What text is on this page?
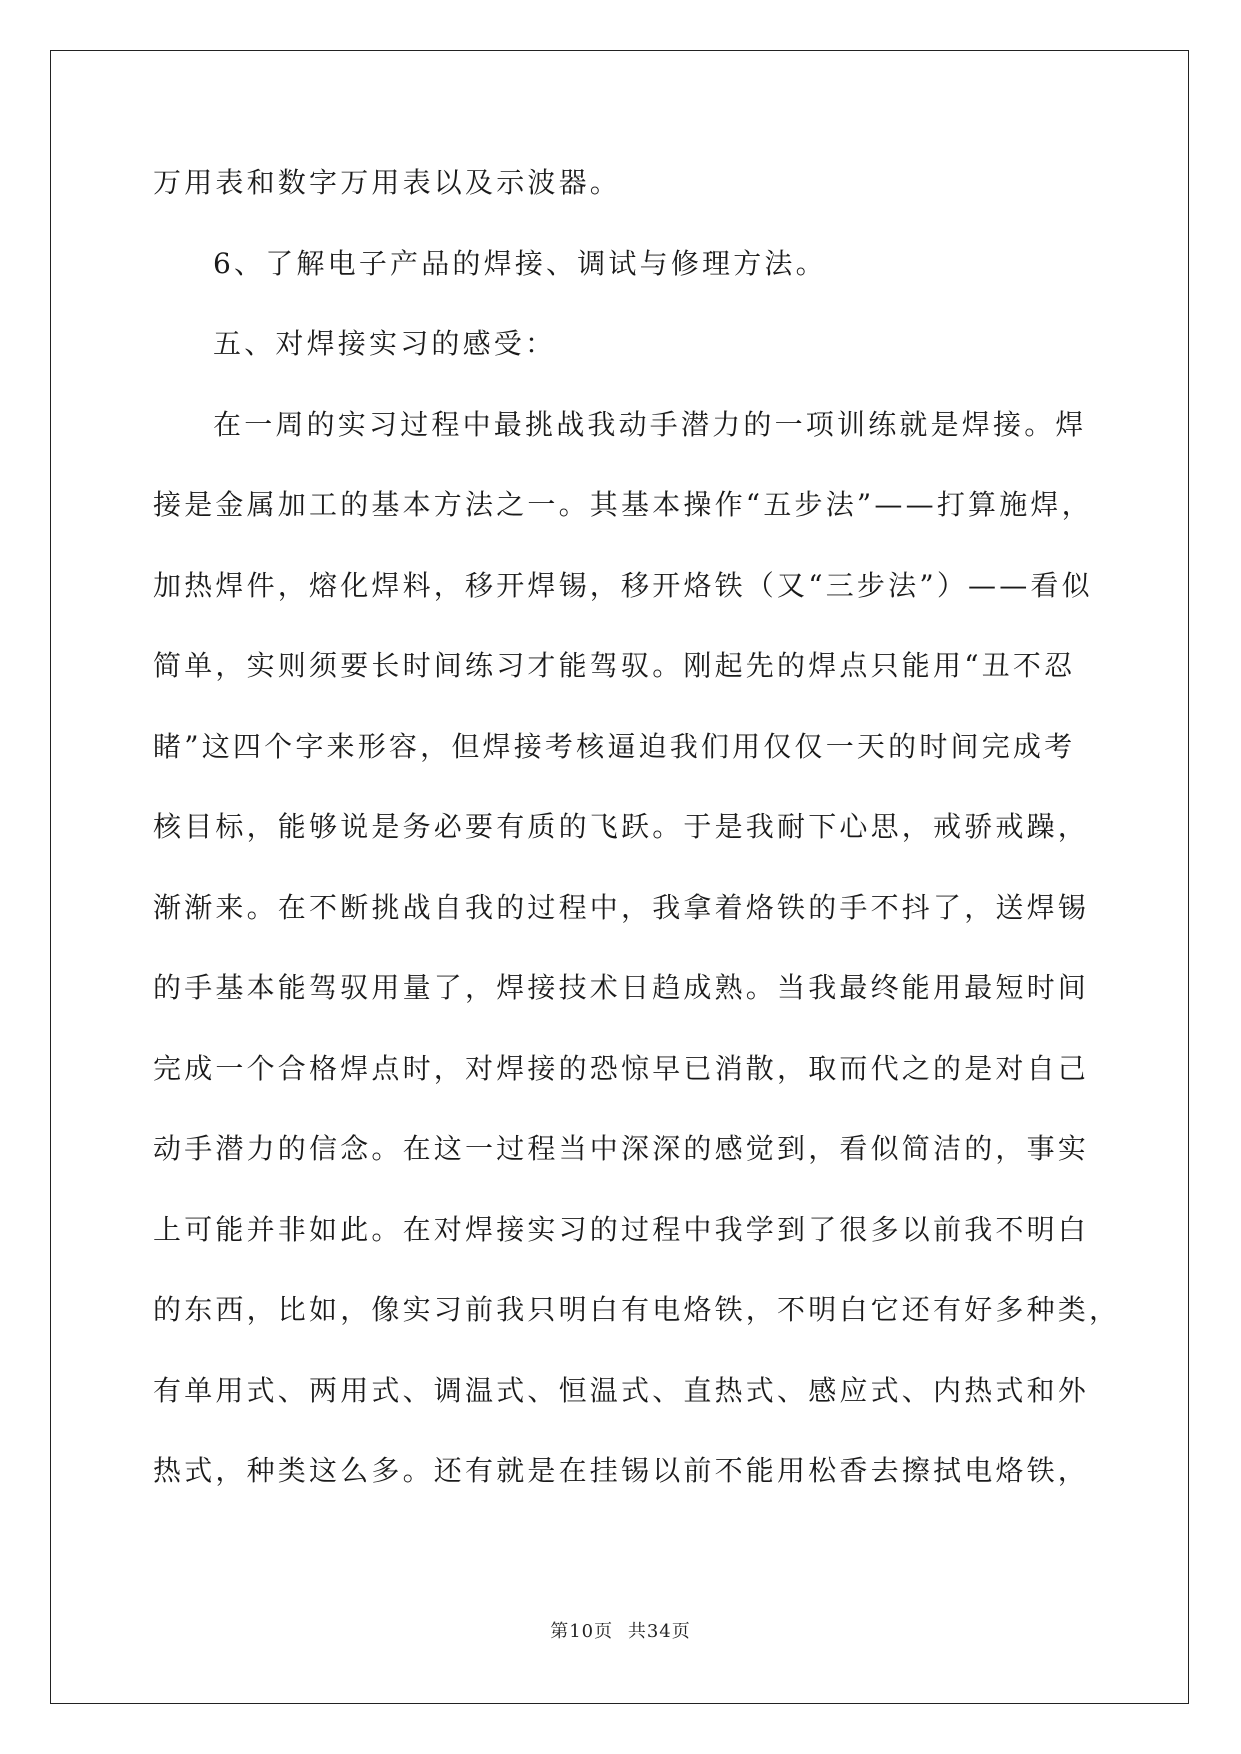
万用表和数字万用表以及示波器。
6、了解电子产品的焊接、调试与修理方法。
五、对焊接实习的感受：
在一周的实习过程中最挑战我动手潜力的一项训练就是焊接。焊
接是金属加工的基本方法之一。其基本操作“五步法”——打算施焊，
加热焊件，熔化焊料，移开焊锡，移开烙铁（又“三步法”）——看似
简单，实则须要长时间练习才能驾驭。刚起先的焊点只能用“丑不忍
睹”这四个字来形容，但焊接考核逼迫我们用仅仅一天的时间完成考
核目标，能够说是务必要有质的飞跃。于是我耐下心思，戒骄戒躁，
渐渐来。在不断挑战自我的过程中，我拿着烙铁的手不抖了，送焊锡
的手基本能驾驭用量了，焊接技术日趋成熟。当我最终能用最短时间
完成一个合格焊点时，对焊接的恐惊早已消散，取而代之的是对自己
动手潜力的信念。在这一过程当中深深的感觉到，看似简洁的，事实
上可能并非如此。在对焊接实习的过程中我学到了很多以前我不明白
的东西，比如，像实习前我只明白有电烙铁，不明白它还有好多种类，
有单用式、两用式、调温式、恒温式、直热式、感应式、内热式和外
热式，种类这么多。还有就是在挂锡以前不能用松香去擦拭电烙铁，
第10页 共34页
